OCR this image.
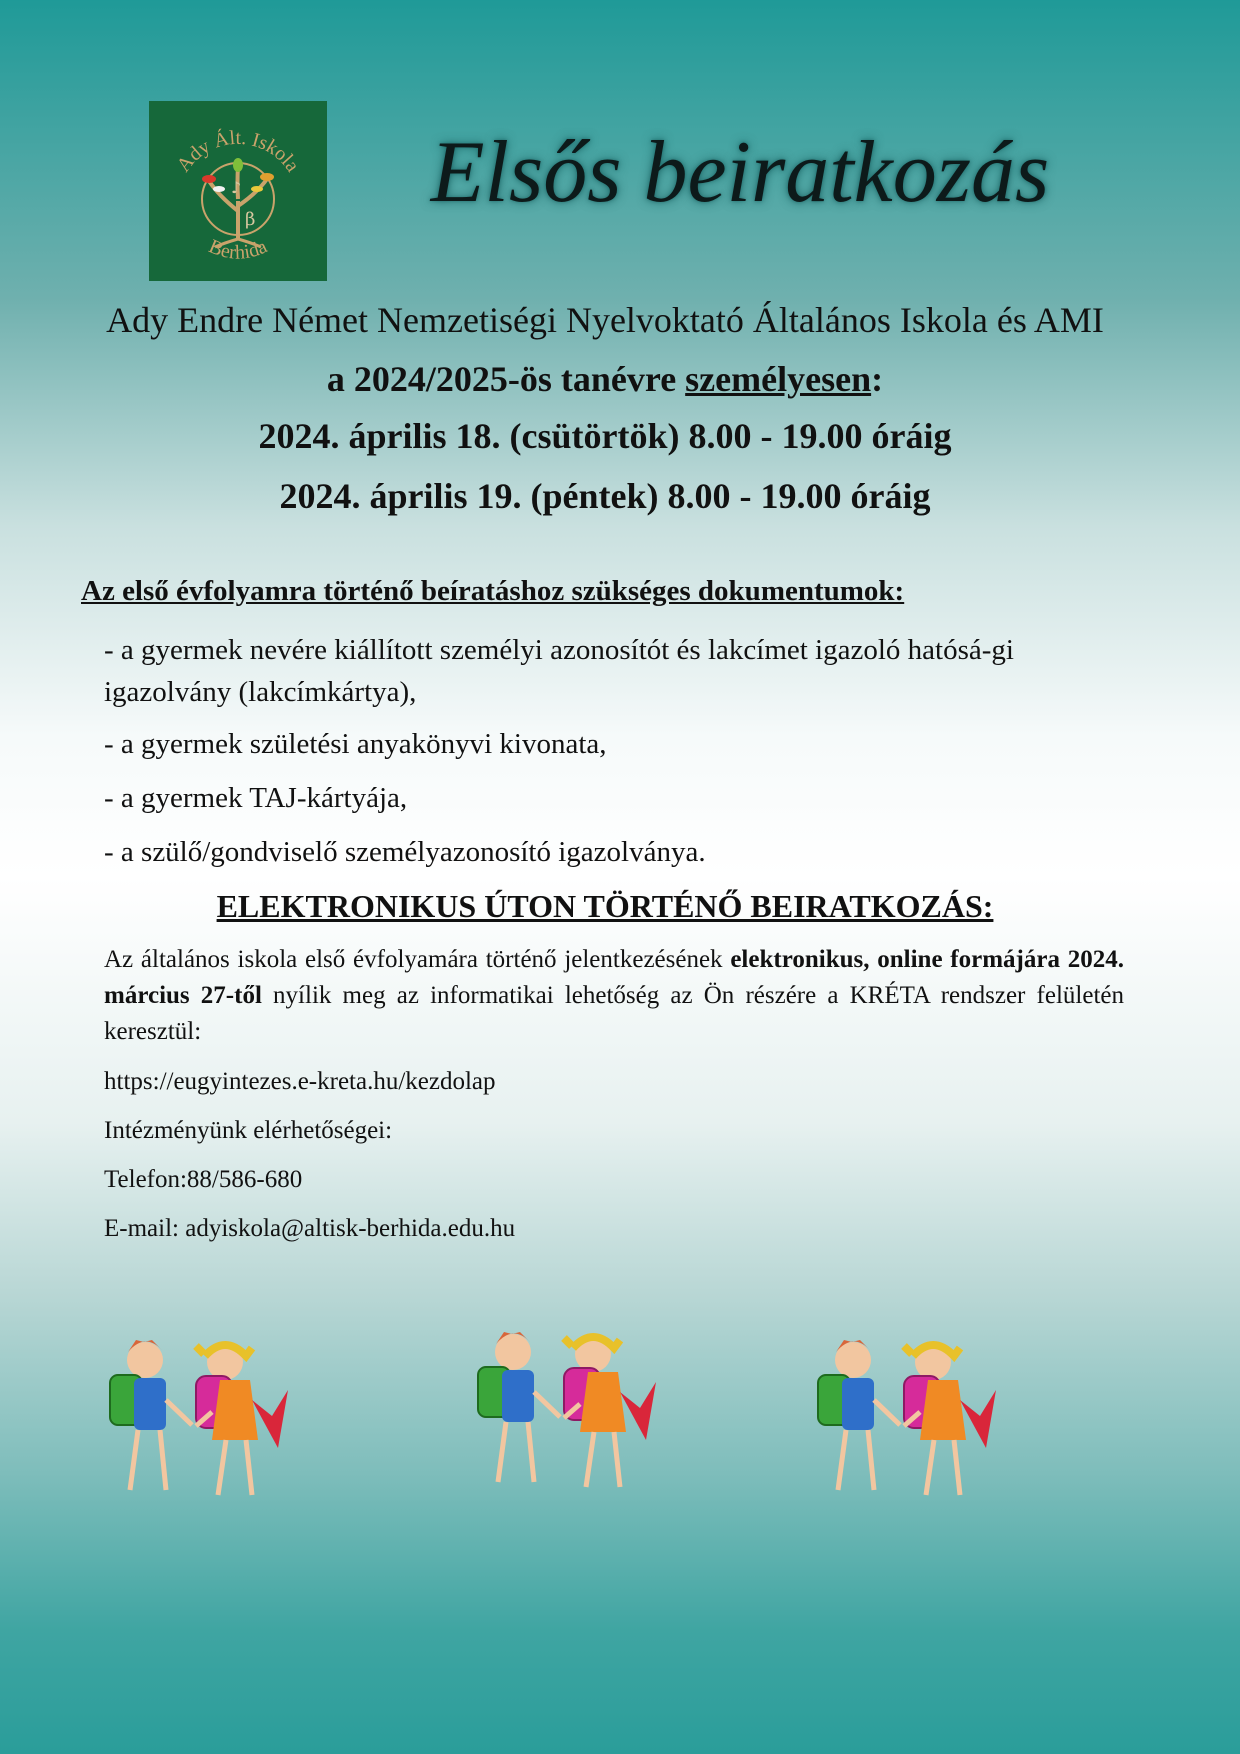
Ady Ált. Iskola
Berhida
♪
β	Elsős beiratkozás
Ady Endre Német Nemzetiségi Nyelvoktató Általános Iskola és AMI
a 2024/2025-ös tanévre személyesen:
2024. április 18. (csütörtök) 8.00 - 19.00 óráig
2024. április 19. (péntek) 8.00 - 19.00 óráig
Az első évfolyamra történő beíratáshoz szükséges dokumentumok:
- a gyermek nevére kiállított személyi azonosítót és lakcímet igazoló hatósá-gi igazolvány (lakcímkártya),
- a gyermek születési anyakönyvi kivonata,
- a gyermek TAJ-kártyája,
- a szülő/gondviselő személyazonosító igazolványa.
ELEKTRONIKUS ÚTON TÖRTÉNŐ BEIRATKOZÁS:
Az általános iskola első évfolyamára történő jelentkezésének elektronikus, online formájára 2024. március 27-től nyílik meg az informatikai lehetőség az Ön részére a KRÉTA rendszer felületén keresztül:
https://eugyintezes.e-kreta.hu/kezdolap
Intézményünk elérhetőségei:
Telefon:88/586-680
E-mail: adyiskola@altisk-berhida.edu.hu
